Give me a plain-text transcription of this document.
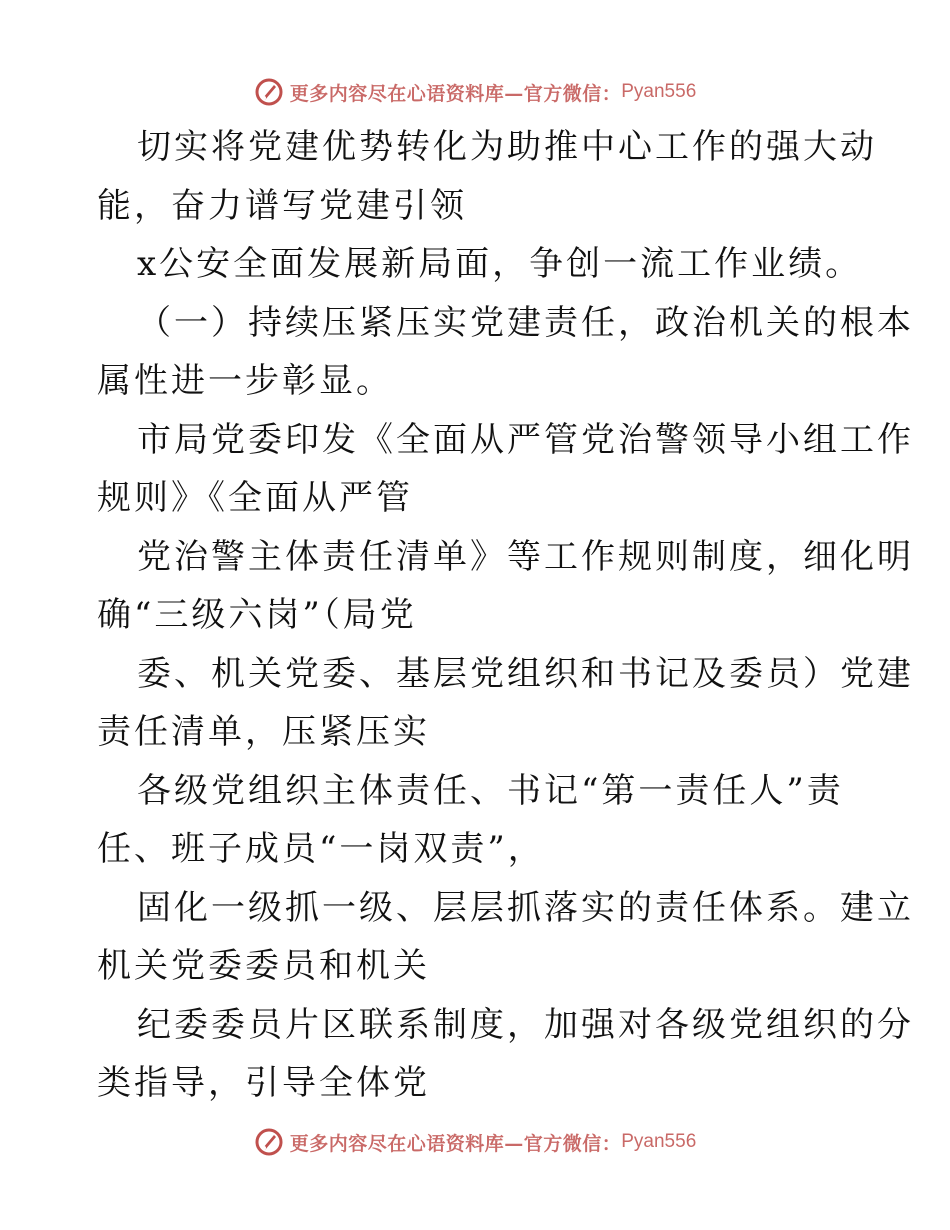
更多内容尽在心语资料库—官方微信： Pyan556
切实将党建优势转化为助推中心工作的强大动
能，奋力谱写党建引领
x公安全面发展新局面，争创一流工作业绩。
（一）持续压紧压实党建责任，政治机关的根本
属性进一步彰显。
市局党委印发《全面从严管党治警领导小组工作
规则》《全面从严管
党治警主体责任清单》等工作规则制度，细化明
确“三级六岗”（局党
委、机关党委、基层党组织和书记及委员）党建
责任清单，压紧压实
各级党组织主体责任、书记“第一责任人”责
任、班子成员“一岗双责”，
固化一级抓一级、层层抓落实的责任体系。建立
机关党委委员和机关
纪委委员片区联系制度，加强对各级党组织的分
类指导，引导全体党
更多内容尽在心语资料库—官方微信： Pyan556
